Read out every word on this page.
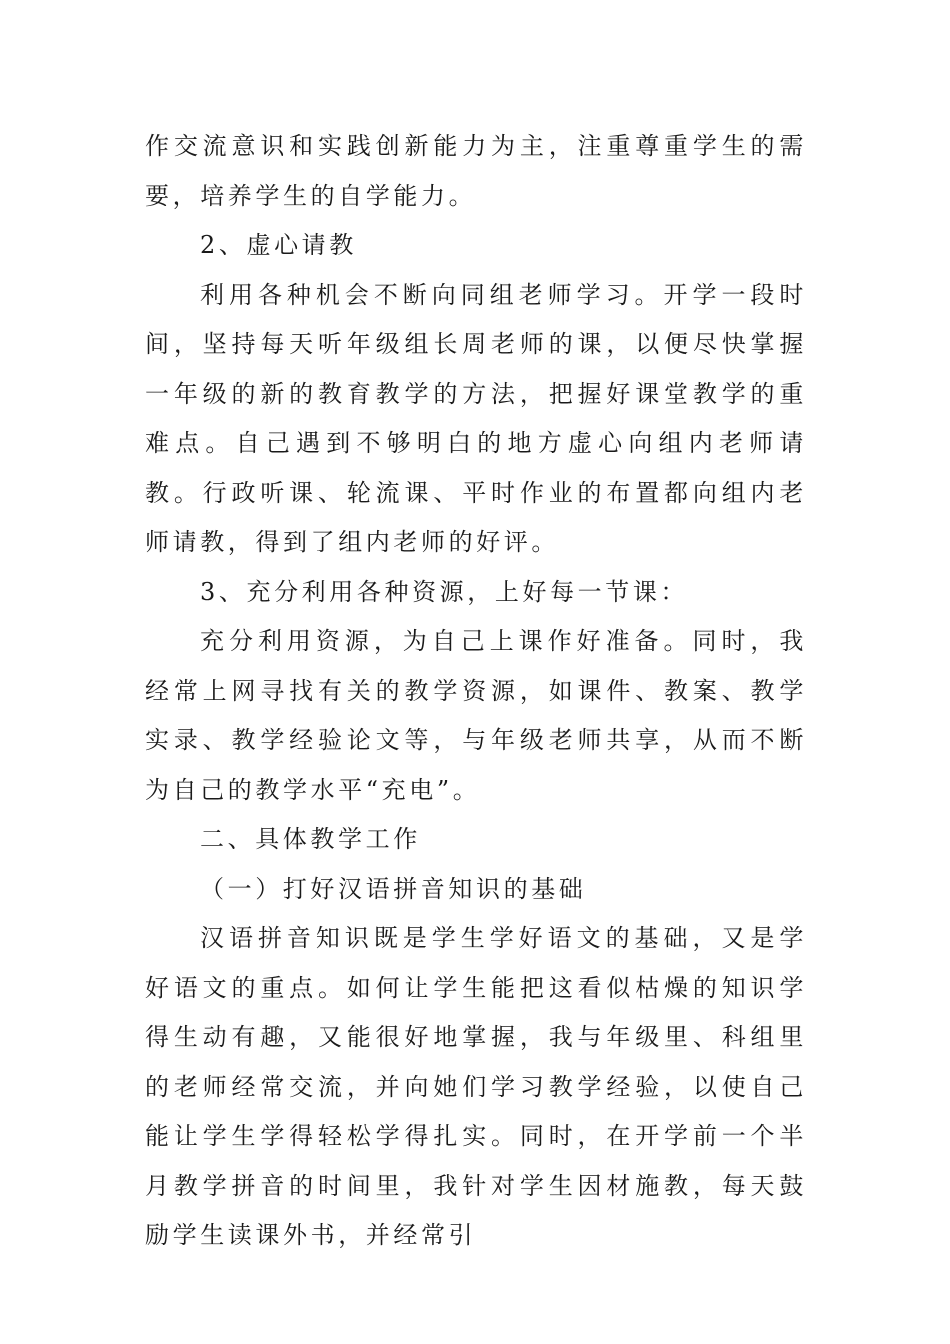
作交流意识和实践创新能力为主，注重尊重学生的需要，培养学生的自学能力。

2、虚心请教

利用各种机会不断向同组老师学习。开学一段时间，坚持每天听年级组长周老师的课，以便尽快掌握一年级的新的教育教学的方法，把握好课堂教学的重难点。自己遇到不够明白的地方虚心向组内老师请教。行政听课、轮流课、平时作业的布置都向组内老师请教，得到了组内老师的好评。

3、充分利用各种资源，上好每一节课：

充分利用资源，为自己上课作好准备。同时，我经常上网寻找有关的教学资源，如课件、教案、教学实录、教学经验论文等，与年级老师共享，从而不断为自己的教学水平“充电”。

二、具体教学工作

（一）打好汉语拼音知识的基础

汉语拼音知识既是学生学好语文的基础，又是学好语文的重点。如何让学生能把这看似枯燥的知识学得生动有趣，又能很好地掌握，我与年级里、科组里的老师经常交流，并向她们学习教学经验，以使自己能让学生学得轻松学得扎实。同时，在开学前一个半月教学拼音的时间里，我针对学生因材施教，每天鼓励学生读课外书，并经常引
